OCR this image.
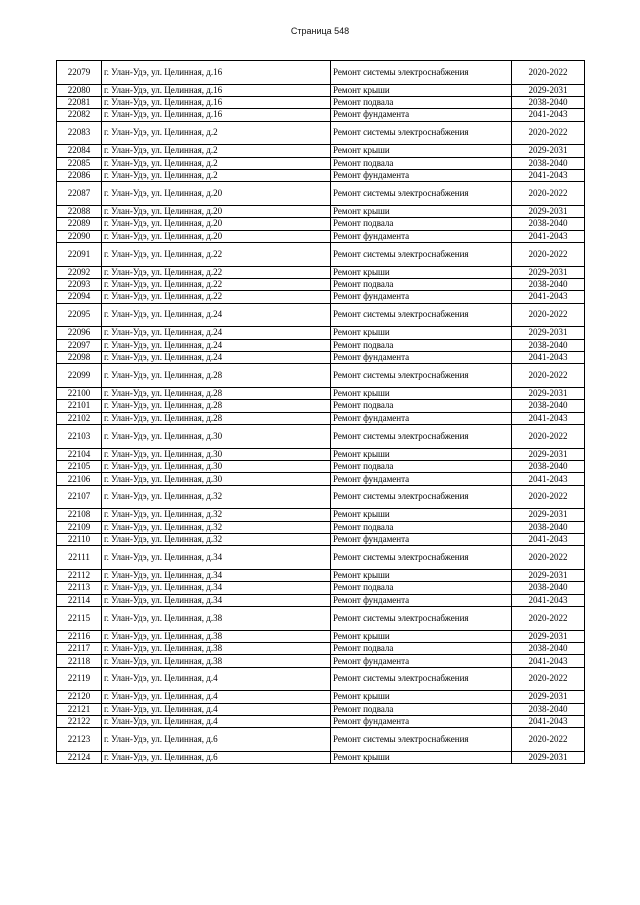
Страница 548
22079	г. Улан-Удэ, ул. Целинная, д.16	Ремонт системы электроснабжения	2020-2022
22080	г. Улан-Удэ, ул. Целинная, д.16	Ремонт крыши	2029-2031
22081	г. Улан-Удэ, ул. Целинная, д.16	Ремонт подвала	2038-2040
22082	г. Улан-Удэ, ул. Целинная, д.16	Ремонт фундамента	2041-2043
22083	г. Улан-Удэ, ул. Целинная, д.2	Ремонт системы электроснабжения	2020-2022
22084	г. Улан-Удэ, ул. Целинная, д.2	Ремонт крыши	2029-2031
22085	г. Улан-Удэ, ул. Целинная, д.2	Ремонт подвала	2038-2040
22086	г. Улан-Удэ, ул. Целинная, д.2	Ремонт фундамента	2041-2043
22087	г. Улан-Удэ, ул. Целинная, д.20	Ремонт системы электроснабжения	2020-2022
22088	г. Улан-Удэ, ул. Целинная, д.20	Ремонт крыши	2029-2031
22089	г. Улан-Удэ, ул. Целинная, д.20	Ремонт подвала	2038-2040
22090	г. Улан-Удэ, ул. Целинная, д.20	Ремонт фундамента	2041-2043
22091	г. Улан-Удэ, ул. Целинная, д.22	Ремонт системы электроснабжения	2020-2022
22092	г. Улан-Удэ, ул. Целинная, д.22	Ремонт крыши	2029-2031
22093	г. Улан-Удэ, ул. Целинная, д.22	Ремонт подвала	2038-2040
22094	г. Улан-Удэ, ул. Целинная, д.22	Ремонт фундамента	2041-2043
22095	г. Улан-Удэ, ул. Целинная, д.24	Ремонт системы электроснабжения	2020-2022
22096	г. Улан-Удэ, ул. Целинная, д.24	Ремонт крыши	2029-2031
22097	г. Улан-Удэ, ул. Целинная, д.24	Ремонт подвала	2038-2040
22098	г. Улан-Удэ, ул. Целинная, д.24	Ремонт фундамента	2041-2043
22099	г. Улан-Удэ, ул. Целинная, д.28	Ремонт системы электроснабжения	2020-2022
22100	г. Улан-Удэ, ул. Целинная, д.28	Ремонт крыши	2029-2031
22101	г. Улан-Удэ, ул. Целинная, д.28	Ремонт подвала	2038-2040
22102	г. Улан-Удэ, ул. Целинная, д.28	Ремонт фундамента	2041-2043
22103	г. Улан-Удэ, ул. Целинная, д.30	Ремонт системы электроснабжения	2020-2022
22104	г. Улан-Удэ, ул. Целинная, д.30	Ремонт крыши	2029-2031
22105	г. Улан-Удэ, ул. Целинная, д.30	Ремонт подвала	2038-2040
22106	г. Улан-Удэ, ул. Целинная, д.30	Ремонт фундамента	2041-2043
22107	г. Улан-Удэ, ул. Целинная, д.32	Ремонт системы электроснабжения	2020-2022
22108	г. Улан-Удэ, ул. Целинная, д.32	Ремонт крыши	2029-2031
22109	г. Улан-Удэ, ул. Целинная, д.32	Ремонт подвала	2038-2040
22110	г. Улан-Удэ, ул. Целинная, д.32	Ремонт фундамента	2041-2043
22111	г. Улан-Удэ, ул. Целинная, д.34	Ремонт системы электроснабжения	2020-2022
22112	г. Улан-Удэ, ул. Целинная, д.34	Ремонт крыши	2029-2031
22113	г. Улан-Удэ, ул. Целинная, д.34	Ремонт подвала	2038-2040
22114	г. Улан-Удэ, ул. Целинная, д.34	Ремонт фундамента	2041-2043
22115	г. Улан-Удэ, ул. Целинная, д.38	Ремонт системы электроснабжения	2020-2022
22116	г. Улан-Удэ, ул. Целинная, д.38	Ремонт крыши	2029-2031
22117	г. Улан-Удэ, ул. Целинная, д.38	Ремонт подвала	2038-2040
22118	г. Улан-Удэ, ул. Целинная, д.38	Ремонт фундамента	2041-2043
22119	г. Улан-Удэ, ул. Целинная, д.4	Ремонт системы электроснабжения	2020-2022
22120	г. Улан-Удэ, ул. Целинная, д.4	Ремонт крыши	2029-2031
22121	г. Улан-Удэ, ул. Целинная, д.4	Ремонт подвала	2038-2040
22122	г. Улан-Удэ, ул. Целинная, д.4	Ремонт фундамента	2041-2043
22123	г. Улан-Удэ, ул. Целинная, д.6	Ремонт системы электроснабжения	2020-2022
22124	г. Улан-Удэ, ул. Целинная, д.6	Ремонт крыши	2029-2031
